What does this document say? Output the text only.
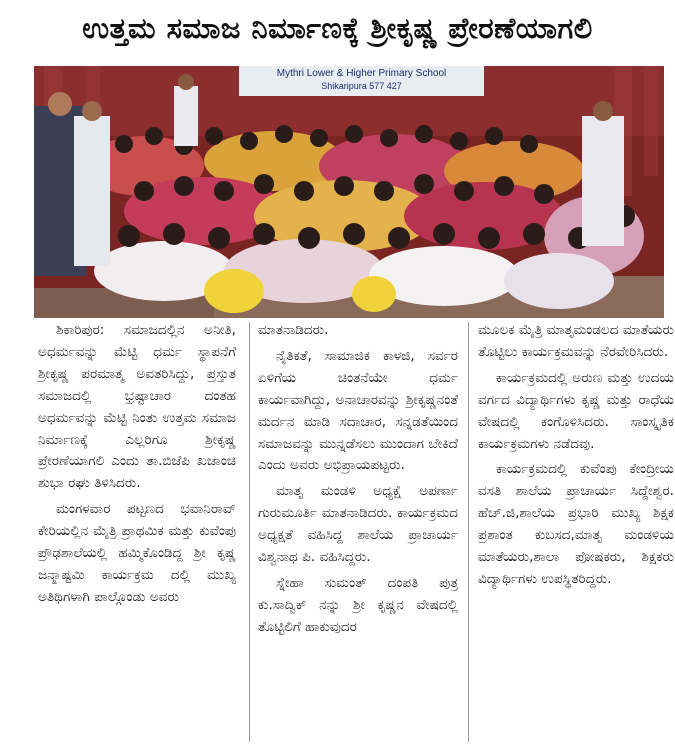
ಉತ್ತಮ ಸಮಾಜ ನಿರ್ಮಾಣಕ್ಕೆ ಶ್ರೀಕೃಷ್ಣ ಪ್ರೇರಣೆಯಾಗಲಿ
Mythri Lower & Higher Primary School
Shikaripura 577 427

ಶಿಕಾರಿಪುರ: ಸಮಾಜದಲ್ಲಿನ ಅನೀತಿ, ಅಧರ್ಮವನ್ನು ಮೆಟ್ಟಿ ಧರ್ಮ ಸ್ಥಾಪನೆಗೆ ಶ್ರೀಕೃಷ್ಣ ಪರಮಾತ್ಮ ಅವತರಿಸಿದ್ದು, ಪ್ರಸ್ತುತ ಸಮಾಜದಲ್ಲಿ ಭ್ರಷ್ಟಾಚಾರ ದಂತಹ ಅಧರ್ಮವನ್ನು ಮೆಟ್ಟಿ ನಿಂತು ಉತ್ತಮ ಸಮಾಜ ನಿರ್ಮಾಣಕ್ಕೆ ಎಲ್ಲರಿಗೂ ಶ್ರೀಕೃಷ್ಣ ಪ್ರೇರಣೆಯಾಗಲಿ ಎಂದು ತಾ.ಬಿಜೆಪಿ ಖಜಾಂಚಿ ಶುಭಾ ರಘು ತಿಳಿಸಿದರು.

ಮಂಗಳವಾರ ಪಟ್ಟಣದ ಭವಾನಿರಾವ್ ಕೇರಿಯಲ್ಲಿನ ಮೈತ್ರಿ ಪ್ರಾಥಮಿಕ ಮತ್ತು ಕುವೆಂಪು ಪ್ರೌಢಶಾಲೆಯಲ್ಲಿ ಹಮ್ಮಿಕೊಂಡಿದ್ದ ಶ್ರೀ ಕೃಷ್ಣ ಜನ್ಮಾಷ್ಟಮಿ ಕಾರ್ಯಕ್ರಮ ದಲ್ಲಿ ಮುಖ್ಯ ಅತಿಥಿಗಳಾಗಿ ಪಾಲ್ಗೊಂಡು ಅವರು

ಮಾತನಾಡಿದರು.

ನೈತಿಕತೆ, ಸಾಮಾಜಿಕ ಕಾಳಜಿ, ಸರ್ವರ ಏಳಿಗೆಯ ಚಿಂತನೆಯೇ ಧರ್ಮ ಕಾರ್ಯವಾಗಿದ್ದು, ಅನಾಚಾರವನ್ನು ಶ್ರೀಕೃಷ್ಣನಂತೆ ಮರ್ದನ ಮಾಡಿ ಸದಾಚಾರ, ಸನ್ನಡತೆಯಿಂದ ಸಮಾಜವನ್ನು ಮುನ್ನಡೆಸಲು ಮುಂದಾಗ ಬೇಕಿದೆ ಎಂದು ಅವರು ಅಭಿಪ್ರಾಯಪಟ್ಟರು.

ಮಾತೃ ಮಂಡಳಿ ಅಧ್ಯಕ್ಷೆ ಅಪರ್ಣಾ ಗುರುಮೂರ್ತಿ ಮಾತನಾಡಿದರು. ಕಾರ್ಯಕ್ರಮದ ಅಧ್ಯಕ್ಷತೆ ವಹಿಸಿದ್ದ ಶಾಲೆಯ ಪ್ರಾಚಾರ್ಯ ವಿಶ್ವನಾಥ ಪಿ. ವಹಿಸಿದ್ದರು.

ಸ್ನೇಹಾ ಸುಮಂತ್ ದಂಪತಿ ಪುತ್ರ ಕು.ಸಾದ್ವಿಕ್ ನನ್ನು ಶ್ರೀ ಕೃಷ್ಣನ ವೇಷದಲ್ಲಿ ತೊಟ್ಟಿಲಿಗೆ ಹಾಕುವುದರ

ಮೂಲಕ ಮೈತ್ರಿ ಮಾತೃಮಂಡಲದ ಮಾತೆಯರು ತೊಟ್ಟಿಲು ಕಾರ್ಯಕ್ರಮವನ್ನು ನೆರವೇರಿಸಿದರು.

ಕಾರ್ಯಕ್ರಮದಲ್ಲಿ ಅರುಣ ಮತ್ತು ಉದಯ ವರ್ಗದ ವಿದ್ಯಾರ್ಥಿಗಳು ಕೃಷ್ಣ ಮತ್ತು ರಾಧೆಯ ವೇಷದಲ್ಲಿ ಕಂಗೊಳಿಸಿದರು. ಸಾಂಸ್ಕೃತಿಕ ಕಾರ್ಯಕ್ರಮಗಳು ನಡೆದವು.

ಕಾರ್ಯಕ್ರಮದಲ್ಲಿ ಕುವೆಂಪು ಕೇಂದ್ರೀಯ ವಸತಿ ಶಾಲೆಯ ಪ್ರಾಚಾರ್ಯ ಸಿದ್ದೇಶ್ವರ. ಹೆಚ್.ಜಿ,ಶಾಲೆಯ ಪ್ರಭಾರಿ ಮುಖ್ಯ ಶಿಕ್ಷಕ ಪ್ರಶಾಂತ ಕುಬಸದ,ಮಾತೃ ಮಂಡಳಿಯ ಮಾತೆಯರು,ಶಾಲಾ ಪೋಷಕರು, ಶಿಕ್ಷಕರು ವಿದ್ಯಾರ್ಥಿಗಳು ಉಪಸ್ಥಿತರಿದ್ದರು.
